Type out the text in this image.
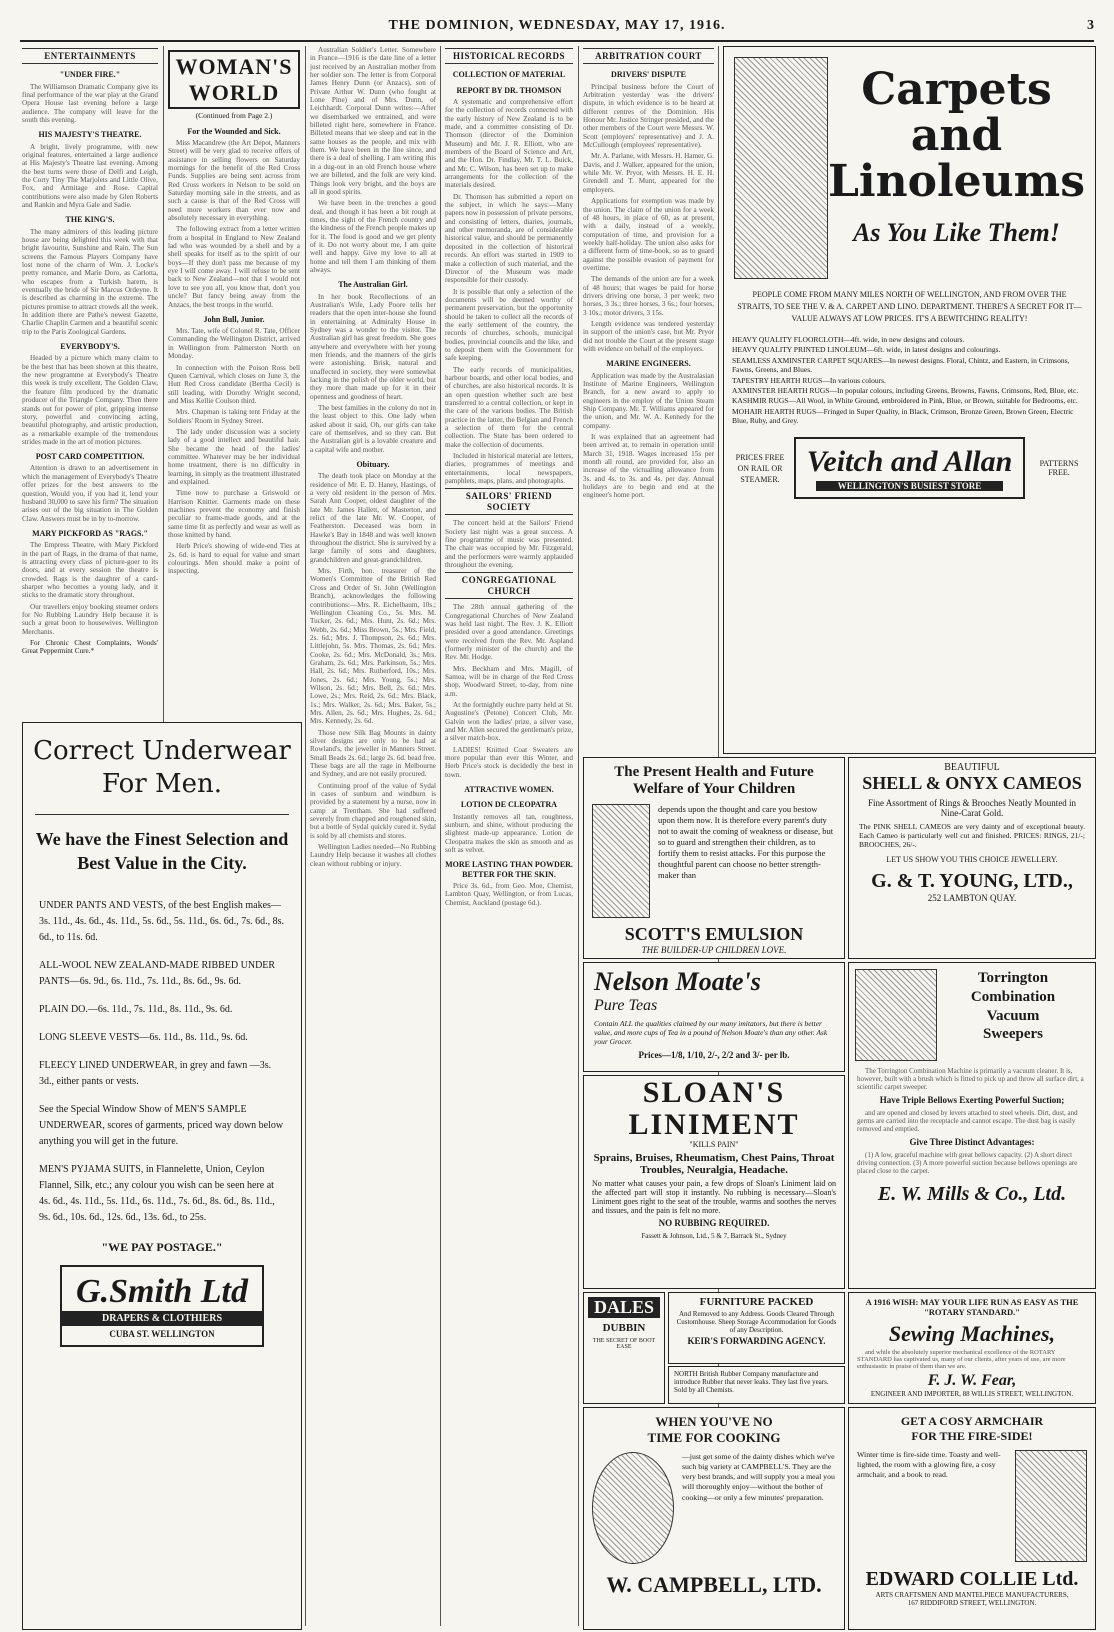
THE DOMINION, WEDNESDAY, MAY 17, 1916.	3
ENTERTAINMENTS
"UNDER FIRE."

The Williamson Dramatic Company give its final performance of the war play at the Grand Opera House last evening before a large audience. The company will leave for the south this evening.

HIS MAJESTY'S THEATRE.

A bright, lively programme, with new original features, entertained a large audience at His Majesty's Theatre last evening. Among the best turns were those of Delfi and Leigh, the Corty Tiny The Marjolets and Little Olive, Fox, and Armitage and Rose. Capital contributions were also made by Glen Roberts and Rankin and Myra Gale and Sadie.

THE KING'S.

The many admirers of this leading picture house are being delighted this week with that bright favourite, Sunshine and Rain. The Sun screens the Famous Players Company have lost none of the charm of Wm. J. Locke's pretty romance, and Marie Doro, as Carlotta, who escapes from a Turkish harem, is eventually the bride of Sir Marcus Ordeyne. It is described as charming in the extreme. The pictures promise to attract crowds all the week. In addition there are Pathe's newest Gazette, Charlie Chaplin Carmen and a beautiful scenic trip to the Paris Zoological Gardens.

EVERYBODY'S.

Headed by a picture which many claim to be the best that has been shown at this theatre, the new programme at Everybody's Theatre this week is truly excellent. The Golden Claw, the feature film produced by the dramatic producer of the Triangle Company. Then there stands out for power of plot, gripping intense story, powerful and convincing acting, beautiful photography, and artistic production, as a remarkable example of the tremendous strides made in the art of motion pictures.

POST CARD COMPETITION.

Attention is drawn to an advertisement in which the management of Everybody's Theatre offer prizes for the best answers to the question, Would you, if you had it, lend your husband 30,000 to save his firm? The situation arises out of the big situation in The Golden Claw. Answers must be in by to-morrow.

MARY PICKFORD AS "RAGS."

The Empress Theatre, with Mary Pickford in the part of Rags, in the drama of that name, is attracting every class of picture-goer to its doors, and at every session the theatre is crowded. Rags is the daughter of a card-sharper who becomes a young lady, and it sticks to the dramatic story throughout.

Our travellers enjoy booking steamer orders for No Rubbing Laundry Help because it is such a great boon to housewives. Wellington Merchants.

For Chronic Chest Complaints, Woods' Great Peppermint Cure.*

WOMAN'S WORLD
(Continued from Page 2.)
For the Wounded and Sick.

Miss Macandrew (the Art Depot, Manners Street) will be very glad to receive offers of assistance in selling flowers on Saturday mornings for the benefit of the Red Cross Funds. Supplies are being sent across from Red Cross workers in Nelson to be sold on Saturday morning sale in the streets, and as such a cause is that of the Red Cross will need more workers than ever now and absolutely necessary in everything.

The following extract from a letter written from a hospital in England to New Zealand lad who was wounded by a shell and by a shell speaks for itself as to the spirit of our boys—If they don't pass me because of my eye I will come away. I will refuse to be sent back to New Zealand—not that I would not love to see you all, you know that, don't you uncle? But fancy being away from the Anzacs, the best troops in the world.

John Bull, Junior.

Mrs. Tate, wife of Colonel R. Tate, Officer Commanding the Wellington District, arrived in Wellington from Palmerston North on Monday.

In connection with the Poison Ross bell Queen Carnival, which closes on June 3, the Hutt Red Cross candidate (Bertha Cecil) is still leading, with Dorothy Wright second, and Miss Kellie Coulson third.

Mrs. Chapman is taking tent Friday at the Soldiers' Room in Sydney Street.

The lady under discussion was a society lady of a good intellect and beautiful hair. She became the head of the ladies' committee. Whatever may be her individual home treatment, there is no difficulty in learning, in simply as the treatment illustrated and explained.

Time now to purchase a Griswold or Harrison Knitter. Garments made on these machines prevent the economy and finish peculiar to frame-made goods, and at the same time fit as perfectly and wear as well as those knitted by hand.

Herb Price's showing of wide-end Ties at 2s. 6d. is hard to equal for value and smart colourings. Men should make a point of inspecting.

Australian Soldier's Letter. Somewhere in France—1916 is the date line of a letter just received by an Australian mother from her soldier son. The letter is from Corporal James Henry Dunn (or Anzacs), son of Private Arthur W. Dunn (who fought at Lone Pine) and of Mrs. Dunn, of Leichhardt. Corporal Dunn writes:—After we disembarked we entrained, and were billeted right here, somewhere in France. Billeted means that we sleep and eat in the same houses as the people, and mix with them. We have been in the line since, and there is a deal of shelling. I am writing this in a dug-out in an old French house where we are billeted, and the folk are very kind. Things look very bright, and the boys are all in good spirits.

We have been in the trenches a good deal, and though it has been a bit rough at times, the sight of the French country and the kindness of the French people makes up for it. The food is good and we get plenty of it. Do not worry about me, I am quite well and happy. Give my love to all at home and tell them I am thinking of them always.

The Australian Girl.

In her book Recollections of an Australian's Wife, Lady Poore tells her readers that the open inter-house she found in entertaining at Admiralty House in Sydney was a wonder to the visitor. The Australian girl has great freedom. She goes anywhere and everywhere with her young men friends, and the manners of the girls were astonishing. Brisk, natural and unaffected in society, they were somewhat lacking in the polish of the older world, but they more than made up for it in their openness and goodness of heart.

The best families in the colony do not in the least object to this. One lady when asked about it said, Oh, our girls can take care of themselves, and so they can. But the Australian girl is a lovable creature and a capital wife and mother.

Obituary.

The death took place on Monday at the residence of Mr. E. D. Haney, Hastings, of a very old resident in the person of Mrs. Sarah Ann Cooper, oldest daughter of the late Mr. James Hallett, of Masterton, and relict of the late Mr. W. Cooper, of Featherston. Deceased was born in Hawke's Bay in 1848 and was well known throughout the district. She is survived by a large family of sons and daughters, grandchildren and great-grandchildren.

Mrs. Firth, hon. treasurer of the Women's Committee of the British Red Cross and Order of St. John (Wellington Branch), acknowledges the following contributions:—Mrs. R. Eichelbaum, 10s.; Wellington Cleaning Co., 5s. Mrs. M. Tucker, 2s. 6d.; Mrs. Hunt, 2s. 6d.; Mrs. Webb, 2s. 6d.; Miss Brown, 5s.; Mrs. Field, 2s. 6d.; Mrs. J. Thompson, 2s. 6d.; Mrs. Littlejohn, 5s. Mrs. Thomas, 2s. 6d.; Mrs. Cooke, 2s. 6d.; Mrs. McDonald, 3s.; Mrs. Graham, 2s. 6d.; Mrs. Parkinson, 5s.; Mrs. Hall, 2s. 6d.; Mrs. Rutherford, 10s.; Mrs. Jones, 2s. 6d.; Mrs. Young, 5s.; Mrs. Wilson, 2s. 6d.; Mrs. Bell, 2s. 6d.; Mrs. Lowe, 2s.; Mrs. Reid, 2s. 6d.; Mrs. Black, 1s.; Mrs. Walker, 2s. 6d.; Mrs. Baker, 5s.; Mrs. Allen, 2s. 6d.; Mrs. Hughes, 2s. 6d.; Mrs. Kennedy, 2s. 6d.

Those new Silk Bag Mounts in dainty silver designs are only to be had at Rowland's, the jeweller in Manners Street. Small Beads 2s. 6d.; large 2s. 6d. bead free. These bags are all the rage in Melbourne and Sydney, and are not easily procured.

Continuing proof of the value of Sydal in cases of sunburn and windburn is provided by a statement by a nurse, now in camp at Trentham. She had suffered severely from chapped and roughened skin, but a bottle of Sydal quickly cured it. Sydal is sold by all chemists and stores.

Wellington Ladies needed—No Rubbing Laundry Help because it washes all clothes clean without rubbing or injury.

HISTORICAL RECORDS
COLLECTION OF MATERIAL
REPORT BY DR. THOMSON

A systematic and comprehensive effort for the collection of records connected with the early history of New Zealand is to be made, and a committee consisting of Dr. Thomson (director of the Dominion Museum) and Mr. J. R. Elliott, who are members of the Board of Science and Art, and the Hon. Dr. Findlay, Mr. T. L. Buick, and Mr. C. Wilson, has been set up to make arrangements for the collection of the materials desired.

Dr. Thomson has submitted a report on the subject, in which he says:—Many papers now in possession of private persons, and consisting of letters, diaries, journals, and other memoranda, are of considerable historical value, and should be permanently deposited in the collection of historical records. An effort was started in 1909 to make a collection of such material, and the Director of the Museum was made responsible for their custody.

It is possible that only a selection of the documents will be deemed worthy of permanent preservation, but the opportunity should be taken to collect all the records of the early settlement of the country, the records of churches, schools, municipal bodies, provincial councils and the like, and to deposit them with the Government for safe keeping.

The early records of municipalities, harbour boards, and other local bodies, and of churches, are also historical records. It is an open question whether such are best transferred to a central collection, or kept in the care of the various bodies. The British practice in the latter, the Belgian and French a selection of them for the central collection. The State has been ordered to make the collection of documents.

Included in historical material are letters, diaries, programmes of meetings and entertainments, local newspapers, pamphlets, maps, plans, and photographs.

SAILORS' FRIEND SOCIETY

The concert held at the Sailors' Friend Society last night was a great success. A fine programme of music was presented. The chair was occupied by Mr. Fitzgerald, and the performers were warmly applauded throughout the evening.

CONGREGATIONAL CHURCH

The 28th annual gathering of the Congregational Churches of New Zealand was held last night. The Rev. J. K. Elliott presided over a good attendance. Greetings were received from the Rev. Mr. Aspland (formerly minister of the church) and the Rev. Mr. Hodge.

Mrs. Beckham and Mrs. Magill, of Samoa, will be in charge of the Red Cross shop, Woodward Street, to-day, from nine a.m.

At the fortnightly euchre party held at St. Augustine's (Petone) Concert Club, Mr. Galvin won the ladies' prize, a silver vase, and Mr. Allen secured the gentleman's prize, a silver match-box.

LADIES! Knitted Coat Sweaters are more popular than ever this Winter, and Herb Price's stock is decidedly the best in town.

ATTRACTIVE WOMEN.
LOTION DE CLEOPATRA

Instantly removes all tan, roughness, sunburn, and shine, without producing the slightest made-up appearance. Lotion de Cleopatra makes the skin as smooth and as soft as velvet.

MORE LASTING THAN POWDER. BETTER FOR THE SKIN.

Price 3s. 6d., from Geo. Moe, Chemist, Lambton Quay, Wellington, or from Lucas, Chemist, Auckland (postage 6d.).

ARBITRATION COURT
DRIVERS' DISPUTE

Principal business before the Court of Arbitration yesterday was the drivers' dispute, in which evidence is to be heard at different centres of the Dominion. His Honour Mr. Justice Stringer presided, and the other members of the Court were Messrs. W. Scott (employers' representative) and J. A. McCullough (employees' representative).

Mr. A. Parlane, with Messrs. H. Hamer, G. Davis, and J. Walker, appeared for the union, while Mr. W. Pryor, with Messrs. H. E. H. Grendell and T. Munt, appeared for the employers.

Applications for exemption was made by the union. The claim of the union for a week of 48 hours, in place of 60, as at present, with a daily, instead of a weekly, computation of time, and provision for a weekly half-holiday. The union also asks for a different form of time-book, so as to guard against the possible evasion of payment for overtime.

The demands of the union are for a week of 48 hours; that wages be paid for horse drivers driving one horse, 3 per week; two horses, 3 3s.; three horses, 3 6s.; four horses, 3 10s.; motor drivers, 3 15s.

Length evidence was tendered yesterday in support of the union's case, but Mr. Pryor did not trouble the Court at the present stage with evidence on behalf of the employers.

MARINE ENGINEERS.

Application was made by the Australasian Institute of Marine Engineers, Wellington Branch, for a new award to apply to engineers in the employ of the Union Steam Ship Company. Mr. T. Williams appeared for the union, and Mr. W. A. Kennedy for the company.

It was explained that an agreement had been arrived at, to remain in operation until March 31, 1918. Wages increased 15s per month all round, are provided for, also an increase of the victualling allowance from 3s. and 4s. to 3s. and 4s. per day. Annual holidays are to begin and end at the engineer's home port.

Correct Underwear
For Men.
We have the Finest Selection and Best Value in the City.
UNDER PANTS AND VESTS, of the best English makes—3s. 11d., 4s. 6d., 4s. 11d., 5s. 6d., 5s. 11d., 6s. 6d., 7s. 6d., 8s. 6d., to 11s. 6d.
ALL-WOOL NEW ZEALAND-MADE RIBBED UNDER PANTS—6s. 9d., 6s. 11d., 7s. 11d., 8s. 6d., 9s. 6d.
PLAIN DO.—6s. 11d., 7s. 11d., 8s. 11d., 9s. 6d.
LONG SLEEVE VESTS—6s. 11d., 8s. 11d., 9s. 6d.
FLEECY LINED UNDERWEAR, in grey and fawn —3s. 3d., either pants or vests.
See the Special Window Show of MEN'S SAMPLE UNDERWEAR, scores of garments, priced way down below anything you will get in the future.
MEN'S PYJAMA SUITS, in Flannelette, Union, Ceylon Flannel, Silk, etc.; any colour you wish can be seen here at 4s. 6d., 4s. 11d., 5s. 11d., 6s. 11d., 7s. 6d., 8s. 6d., 8s. 11d., 9s. 6d., 10s. 6d., 12s. 6d., 13s. 6d., to 25s.
"WE PAY POSTAGE."
G.Smith Ltd
DRAPERS & CLOTHIERS
CUBA ST. WELLINGTON
Carpets and
Linoleums
As You Like Them!
PEOPLE COME FROM MANY MILES NORTH OF WELLINGTON, AND FROM OVER THE STRAITS, TO SEE THE V. & A. CARPET AND LINO. DEPARTMENT. THERE'S A SECRET FOR IT—VALUE ALWAYS AT LOW PRICES. IT'S A BEWITCHING REALITY!
HEAVY QUALITY FLOORCLOTH—4ft. wide, in new designs and colours.
HEAVY QUALITY PRINTED LINOLEUM—6ft. wide, in latest designs and colourings.
SEAMLESS AXMINSTER CARPET SQUARES—In newest designs. Floral, Chintz, and Eastern, in Crimsons, Fawns, Greens, and Blues.
TAPESTRY HEARTH RUGS—In various colours.
AXMINSTER HEARTH RUGS—In popular colours, including Greens, Browns, Fawns, Crimsons, Red, Blue, etc.
KASHMIR RUGS—All Wool, in White Ground, embroidered in Pink, Blue, or Brown, suitable for Bedrooms, etc.
MOHAIR HEARTH RUGS—Fringed in Super Quality, in Black, Crimson, Bronze Green, Brown Green, Electric Blue, Ruby, and Grey.
PRICES FREE ON RAIL OR STEAMER.
Veitch and Allan
WELLINGTON'S BUSIEST STORE
PATTERNS FREE.
The Present Health and Future
Welfare of Your Children
depends upon the thought and care you bestow upon them now. It is therefore every parent's duty not to await the coming of weakness or disease, but so to guard and strengthen their children, as to fortify them to resist attacks. For this purpose the thoughtful parent can choose no better strength-maker than
SCOTT'S EMULSION
THE BUILDER-UP CHILDREN LOVE.
BEAUTIFUL
SHELL & ONYX CAMEOS
Fine Assortment of Rings & Brooches Neatly Mounted in Nine-Carat Gold.
The PINK SHELL CAMEOS are very dainty and of exceptional beauty. Each Cameo is particularly well cut and finished. PRICES: RINGS, 21/-; BROOCHES, 26/-.
LET US SHOW YOU THIS CHOICE JEWELLERY.
G. & T. YOUNG, LTD.,
252 LAMBTON QUAY.
Nelson Moate's
Pure Teas
Contain ALL the qualities claimed by our many imitators, but there is better value, and more cups of Tea in a pound of Nelson Moate's than any other. Ask your Grocer.
Prices—1/8, 1/10, 2/-, 2/2 and 3/- per lb.
SLOAN'S
LINIMENT
"KILLS PAIN"
Sprains, Bruises, Rheumatism, Chest Pains, Throat Troubles, Neuralgia, Headache.
No matter what causes your pain, a few drops of Sloan's Liniment laid on the affected part will stop it instantly. No rubbing is necessary—Sloan's Liniment goes right to the seat of the trouble, warms and soothes the nerves and tissues, and the pain is felt no more.
NO RUBBING REQUIRED.
Fassett & Johnson, Ltd., 5 & 7, Barrack St., Sydney
Torrington
Combination
Vacuum
Sweepers

The Torrington Combination Machine is primarily a vacuum cleaner. It is, however, built with a brush which is fitted to pick up and throw all surface dirt, a scientific carpet sweeper.

Have Triple Bellows Exerting Powerful Suction;

and are opened and closed by levers attached to steel wheels. Dirt, dust, and germs are carried into the receptacle and cannot escape. The dust bag is easily removed and emptied.

Give Three Distinct Advantages:

(1) A low, graceful machine with great bellows capacity. (2) A short direct driving connection. (3) A more powerful suction because bellows openings are placed close to the carpet.

E. W. Mills & Co., Ltd.
A 1916 WISH: MAY YOUR LIFE RUN AS EASY AS THE "ROTARY STANDARD."
Sewing Machines,

and while the absolutely superior mechanical excellence of the ROTARY STANDARD has captivated us, many of our clients, after years of use, are more enthusiastic in praise of them than we are.

F. J. W. Fear,
ENGINEER AND IMPORTER, 88 WILLIS STREET, WELLINGTON.
DALES
DUBBIN
THE SECRET OF BOOT EASE
FURNITURE PACKED
And Removed to any Address. Goods Cleared Through Customhouse. Sheep Storage Accommodation for Goods of any Description.
KEIR'S FORWARDING AGENCY.
NORTH British Rubber Company manufacture and introduce Rubber that never leaks. They last five years. Sold by all Chemists.
WHEN YOU'VE NO
TIME FOR COOKING
—just get some of the dainty dishes which we've such big variety at CAMPBELL'S. They are the very best brands, and will supply you a meal you will thoroughly enjoy—without the bother of cooking—or only a few minutes' preparation.
W. CAMPBELL, LTD.
GET A COSY ARMCHAIR
FOR THE FIRE-SIDE!
Winter time is fire-side time. Toasty and well-lighted, the room with a glowing fire, a cosy armchair, and a book to read.
EDWARD COLLIE Ltd.
ARTS CRAFTSMEN AND MANTELPIECE MANUFACTURERS,
167 RIDDIFORD STREET, WELLINGTON.
